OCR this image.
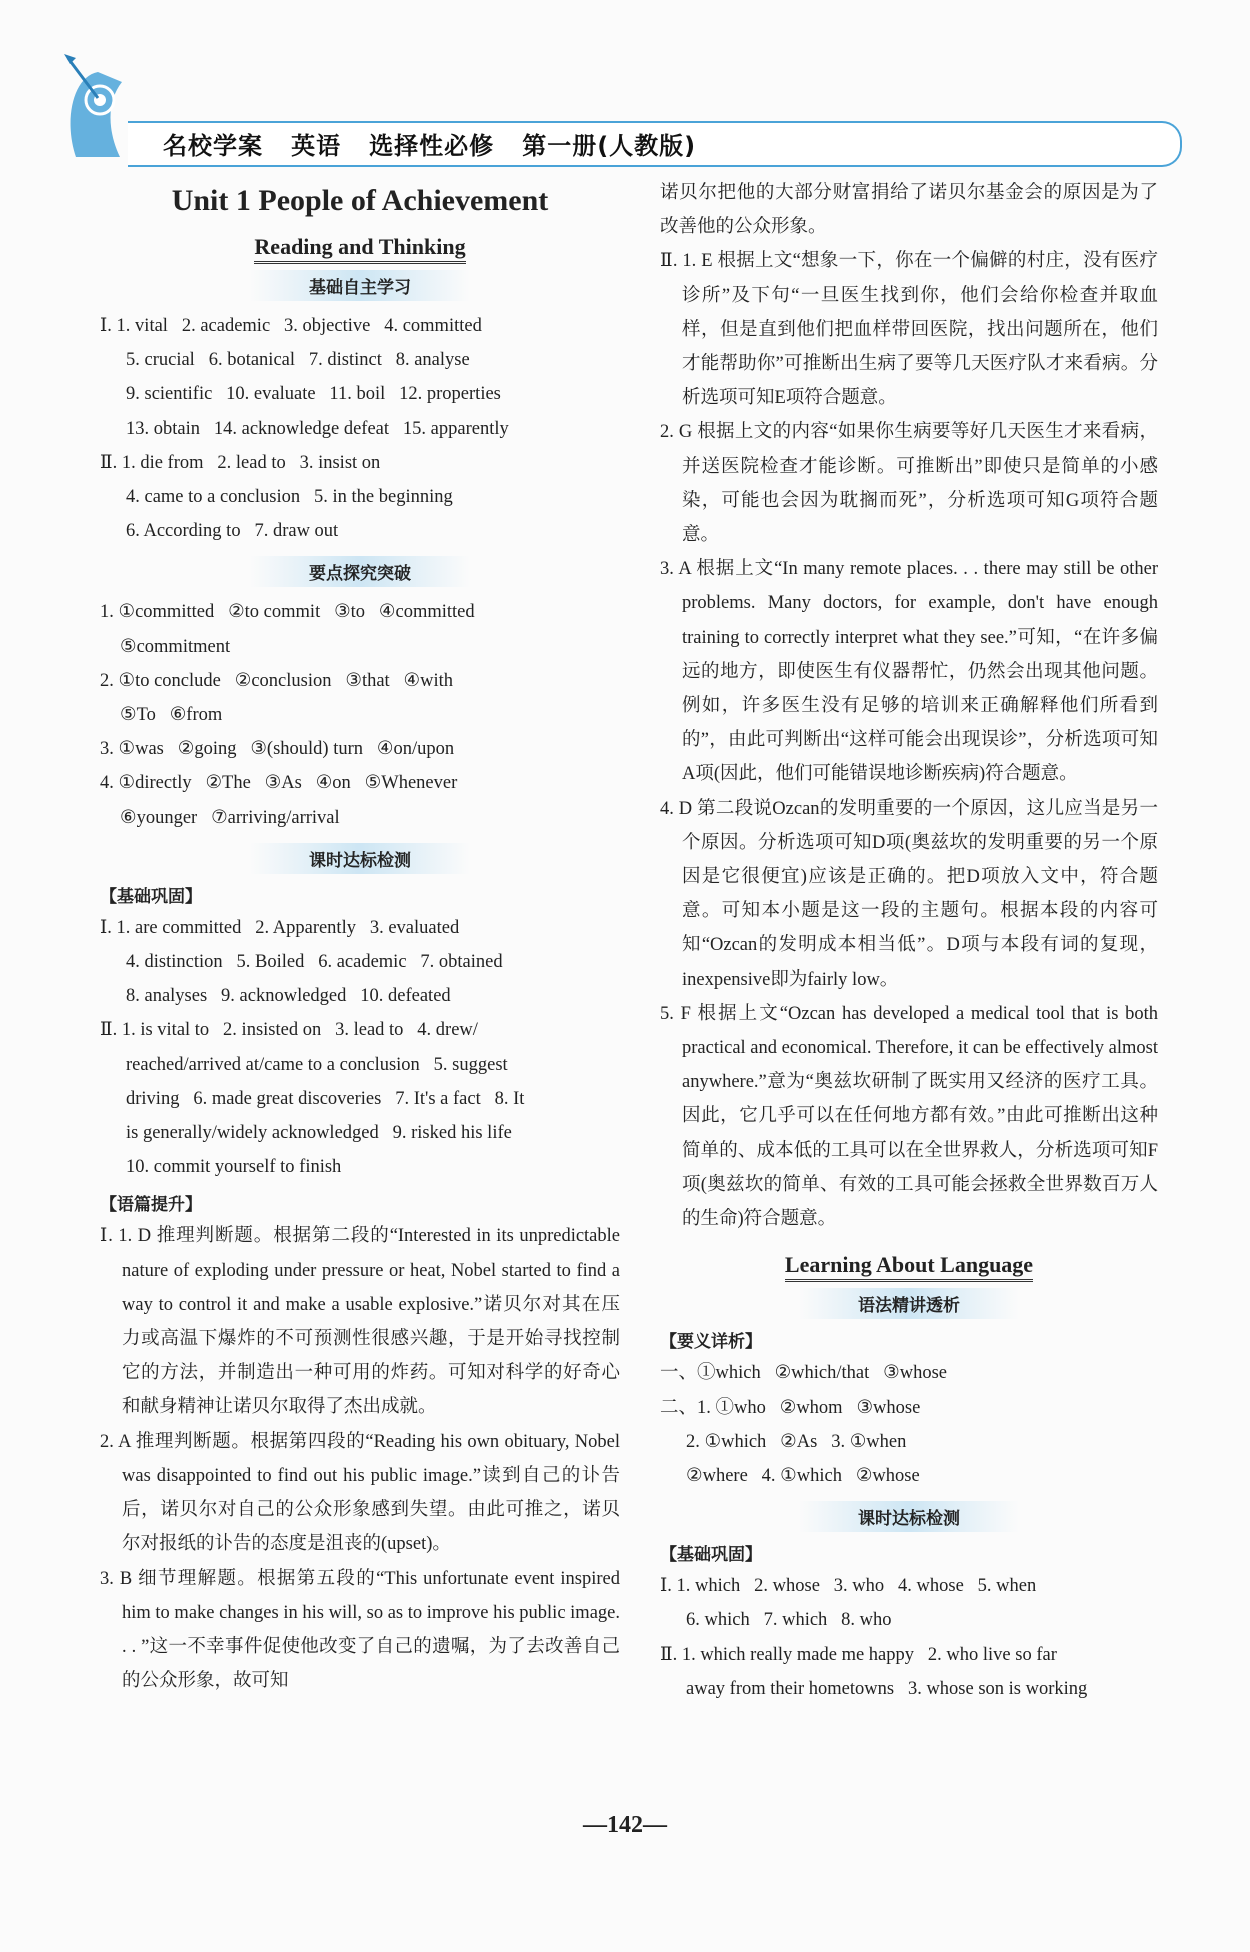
名校学案   英语   选择性必修   第一册(人教版)
Unit 1 People of Achievement
Reading and Thinking
基础自主学习
Ⅰ. 1. vital   2. academic   3. objective   4. committed
5. crucial   6. botanical   7. distinct   8. analyse
9. scientific   10. evaluate   11. boil   12. properties
13. obtain   14. acknowledge defeat   15. apparently
Ⅱ. 1. die from   2. lead to   3. insist on
4. came to a conclusion   5. in the beginning
6. According to   7. draw out
要点探究突破
1. ①committed   ②to commit   ③to   ④committed
⑤commitment
2. ①to conclude   ②conclusion   ③that   ④with
⑤To   ⑥from
3. ①was   ②going   ③(should) turn   ④on/upon
4. ①directly   ②The   ③As   ④on   ⑤Whenever
⑥younger   ⑦arriving/arrival
课时达标检测
【基础巩固】
Ⅰ. 1. are committed   2. Apparently   3. evaluated
4. distinction   5. Boiled   6. academic   7. obtained
8. analyses   9. acknowledged   10. defeated
Ⅱ. 1. is vital to   2. insisted on   3. lead to   4. drew/
reached/arrived at/came to a conclusion   5. suggest
driving   6. made great discoveries   7. It's a fact   8. It
is generally/widely acknowledged   9. risked his life
10. commit yourself to finish
【语篇提升】
Ⅰ. 1. D 推理判断题。根据第二段的“Interested in its unpredictable nature of exploding under pressure or heat, Nobel started to find a way to control it and make a usable explosive.”诺贝尔对其在压力或高温下爆炸的不可预测性很感兴趣，于是开始寻找控制它的方法，并制造出一种可用的炸药。可知对科学的好奇心和献身精神让诺贝尔取得了杰出成就。
2. A 推理判断题。根据第四段的“Reading his own obituary, Nobel was disappointed to find out his public image.”读到自己的讣告后，诺贝尔对自己的公众形象感到失望。由此可推之，诺贝尔对报纸的讣告的态度是沮丧的(upset)。
3. B 细节理解题。根据第五段的“This unfortunate event inspired him to make changes in his will, so as to improve his public image. . . ”这一不幸事件促使他改变了自己的遗嘱，为了去改善自己的公众形象，故可知
诺贝尔把他的大部分财富捐给了诺贝尔基金会的原因是为了改善他的公众形象。
Ⅱ. 1. E 根据上文“想象一下，你在一个偏僻的村庄，没有医疗诊所”及下句“一旦医生找到你，他们会给你检查并取血样，但是直到他们把血样带回医院，找出问题所在，他们才能帮助你”可推断出生病了要等几天医疗队才来看病。分析选项可知E项符合题意。
2. G 根据上文的内容“如果你生病要等好几天医生才来看病，并送医院检查才能诊断。可推断出”即使只是简单的小感染，可能也会因为耽搁而死”，分析选项可知G项符合题意。
3. A 根据上文“In many remote places. . . there may still be other problems. Many doctors, for example, don't have enough training to correctly interpret what they see.”可知，“在许多偏远的地方，即使医生有仪器帮忙，仍然会出现其他问题。例如，许多医生没有足够的培训来正确解释他们所看到的”，由此可判断出“这样可能会出现误诊”，分析选项可知A项(因此，他们可能错误地诊断疾病)符合题意。
4. D 第二段说Ozcan的发明重要的一个原因，这儿应当是另一个原因。分析选项可知D项(奥兹坎的发明重要的另一个原因是它很便宜)应该是正确的。把D项放入文中，符合题意。可知本小题是这一段的主题句。根据本段的内容可知“Ozcan的发明成本相当低”。D项与本段有词的复现，inexpensive即为fairly low。
5. F 根据上文“Ozcan has developed a medical tool that is both practical and economical. Therefore, it can be effectively almost anywhere.”意为“奥兹坎研制了既实用又经济的医疗工具。因此，它几乎可以在任何地方都有效。”由此可推断出这种简单的、成本低的工具可以在全世界救人，分析选项可知F项(奥兹坎的简单、有效的工具可能会拯救全世界数百万人的生命)符合题意。
Learning About Language
语法精讲透析
【要义详析】
一、①which   ②which/that   ③whose
二、1. ①who   ②whom   ③whose
2. ①which   ②As   3. ①when
②where   4. ①which   ②whose
课时达标检测
【基础巩固】
Ⅰ. 1. which   2. whose   3. who   4. whose   5. when
6. which   7. which   8. who
Ⅱ. 1. which really made me happy   2. who live so far
away from their hometowns   3. whose son is working
—142—
